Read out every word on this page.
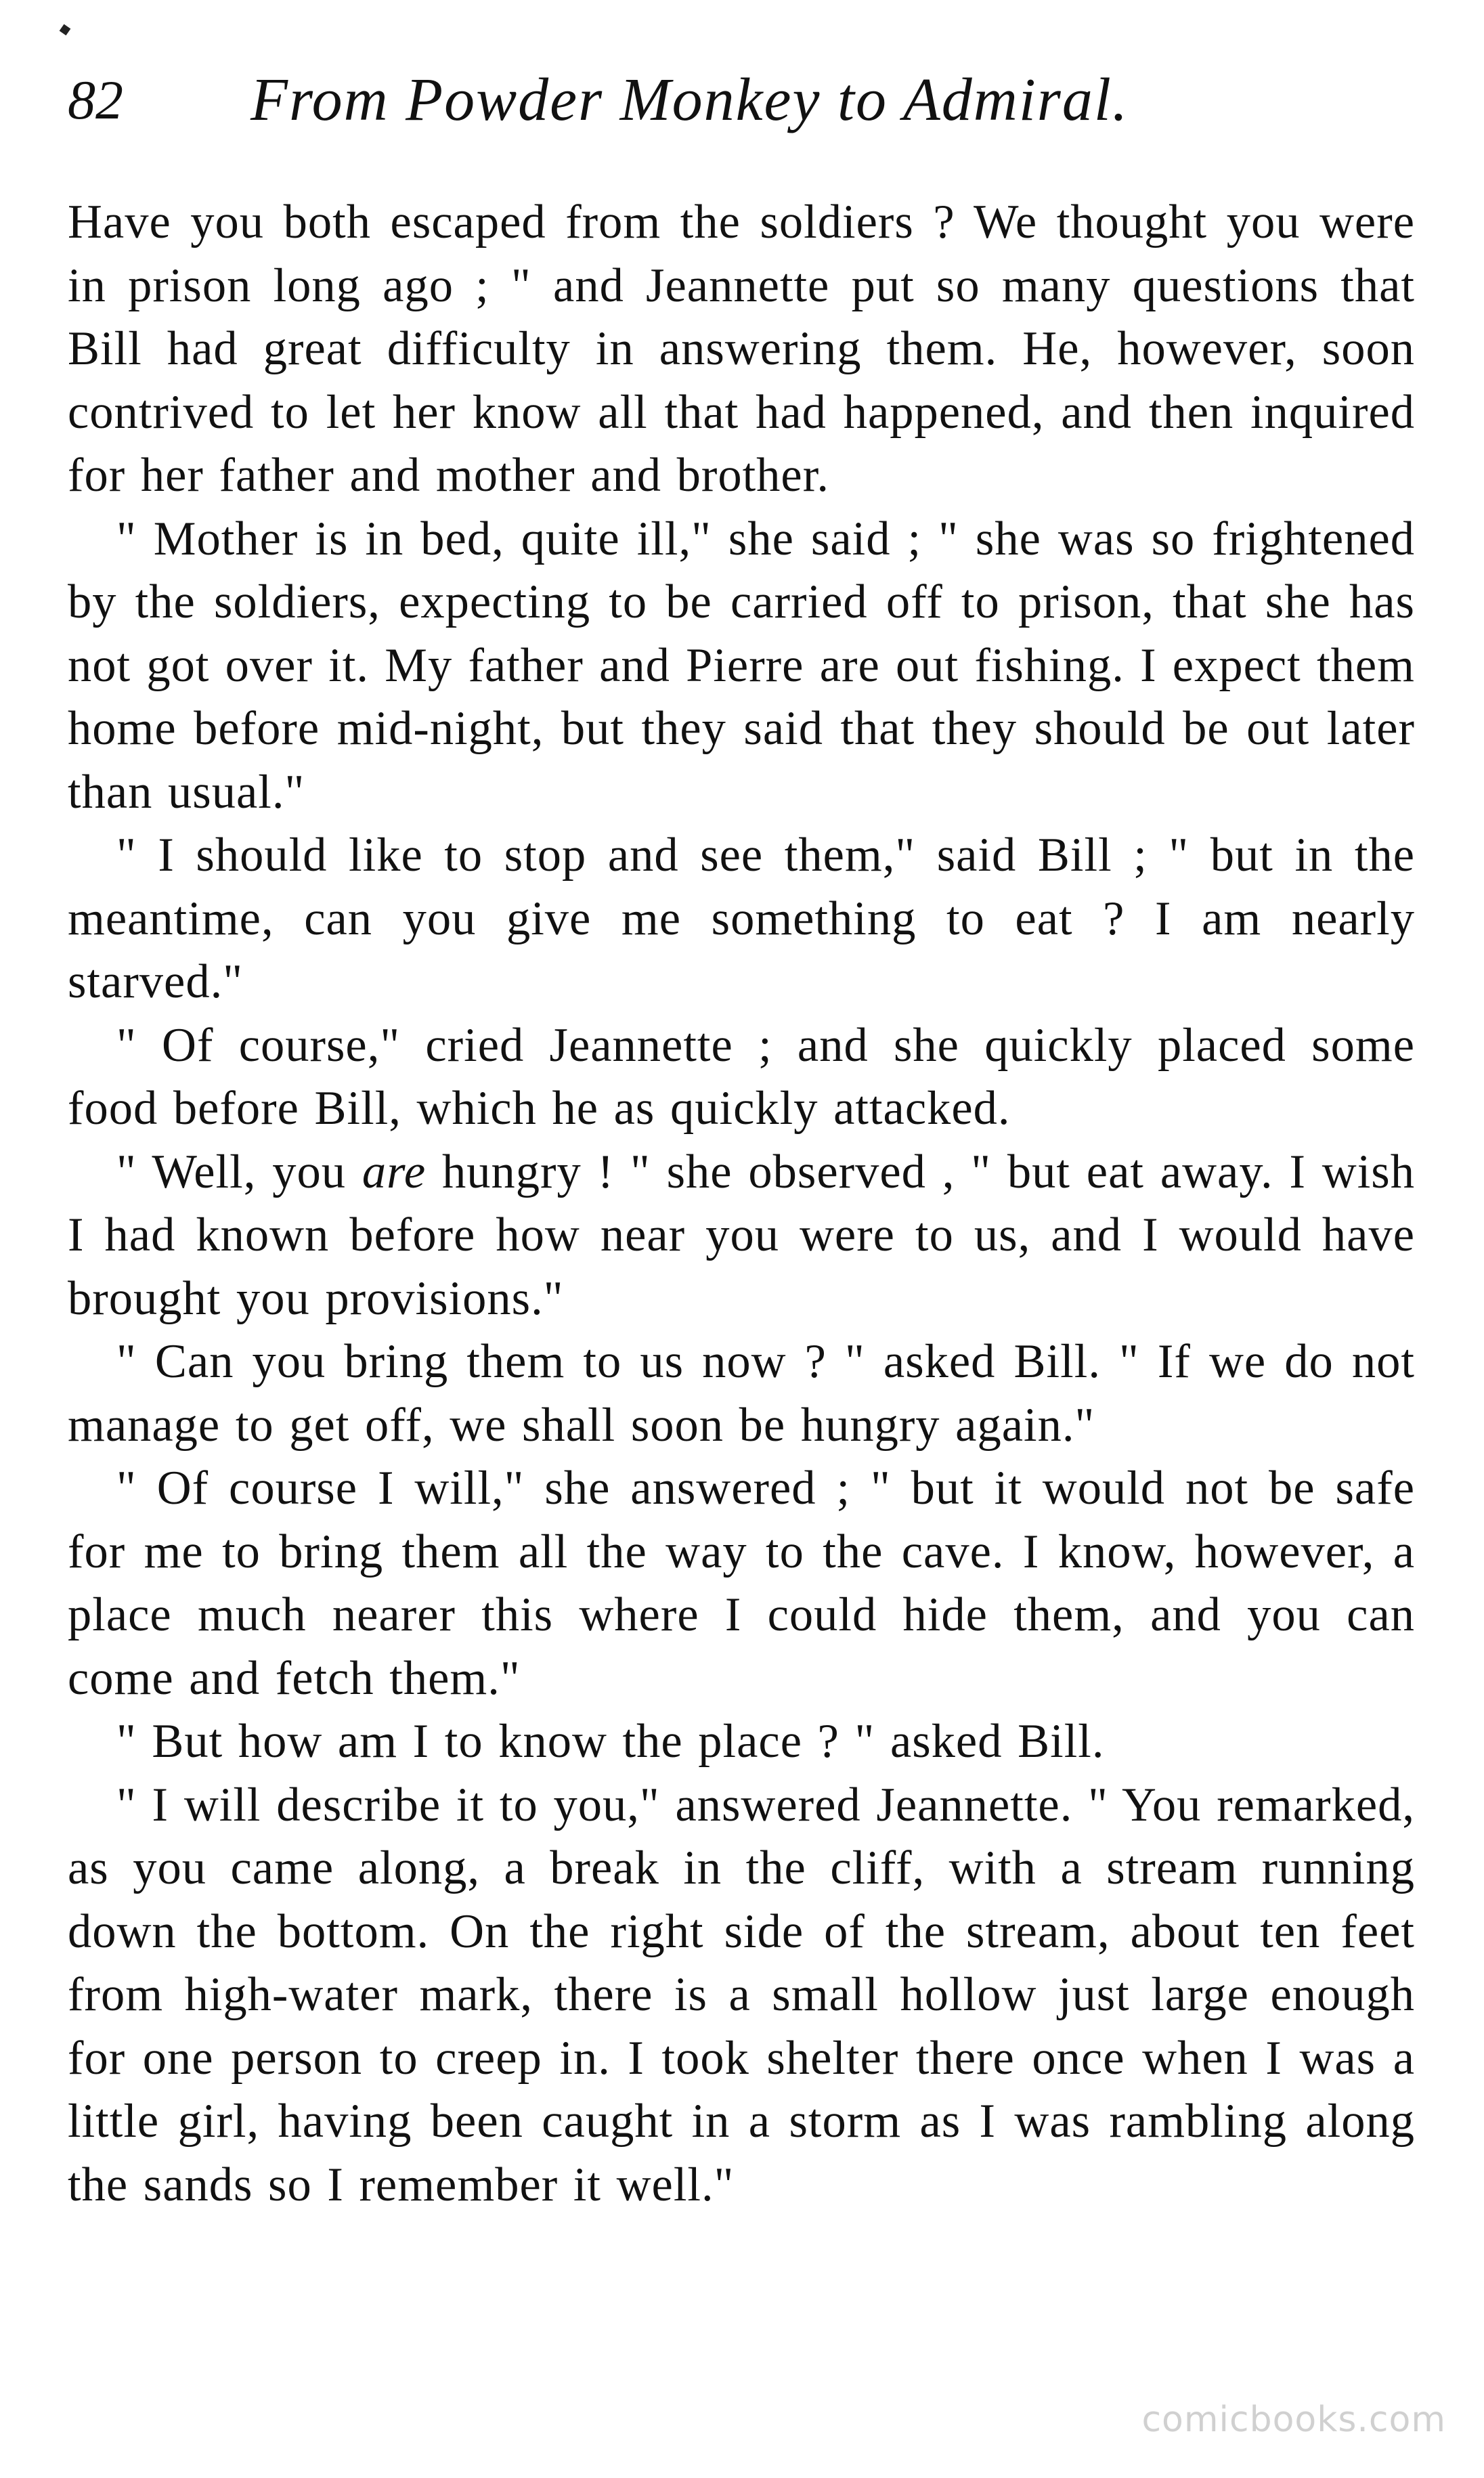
82 From Powder Monkey to Admiral.

Have you both escaped from the soldiers ? We thought you were in prison long ago ; " and Jeannette put so many questions that Bill had great difficulty in answering them. He, however, soon contrived to let her know all that had happened, and then inquired for her father and mother and brother.

" Mother is in bed, quite ill," she said ; " she was so frightened by the soldiers, expecting to be carried off to prison, that she has not got over it. My father and Pierre are out fishing. I expect them home before mid-night, but they said that they should be out later than usual."

" I should like to stop and see them," said Bill ; " but in the meantime, can you give me something to eat ? I am nearly starved."

" Of course," cried Jeannette ; and she quickly placed some food before Bill, which he as quickly attacked.

" Well, you are hungry ! " she observed , " but eat away. I wish I had known before how near you were to us, and I would have brought you provisions."

" Can you bring them to us now ? " asked Bill. " If we do not manage to get off, we shall soon be hungry again."

" Of course I will," she answered ; " but it would not be safe for me to bring them all the way to the cave. I know, however, a place much nearer this where I could hide them, and you can come and fetch them."

" But how am I to know the place ? " asked Bill.

" I will describe it to you," answered Jeannette. " You remarked, as you came along, a break in the cliff, with a stream running down the bottom. On the right side of the stream, about ten feet from high-water mark, there is a small hollow just large enough for one person to creep in. I took shelter there once when I was a little girl, having been caught in a storm as I was rambling along the sands so I remember it well."

comicbooks.com
